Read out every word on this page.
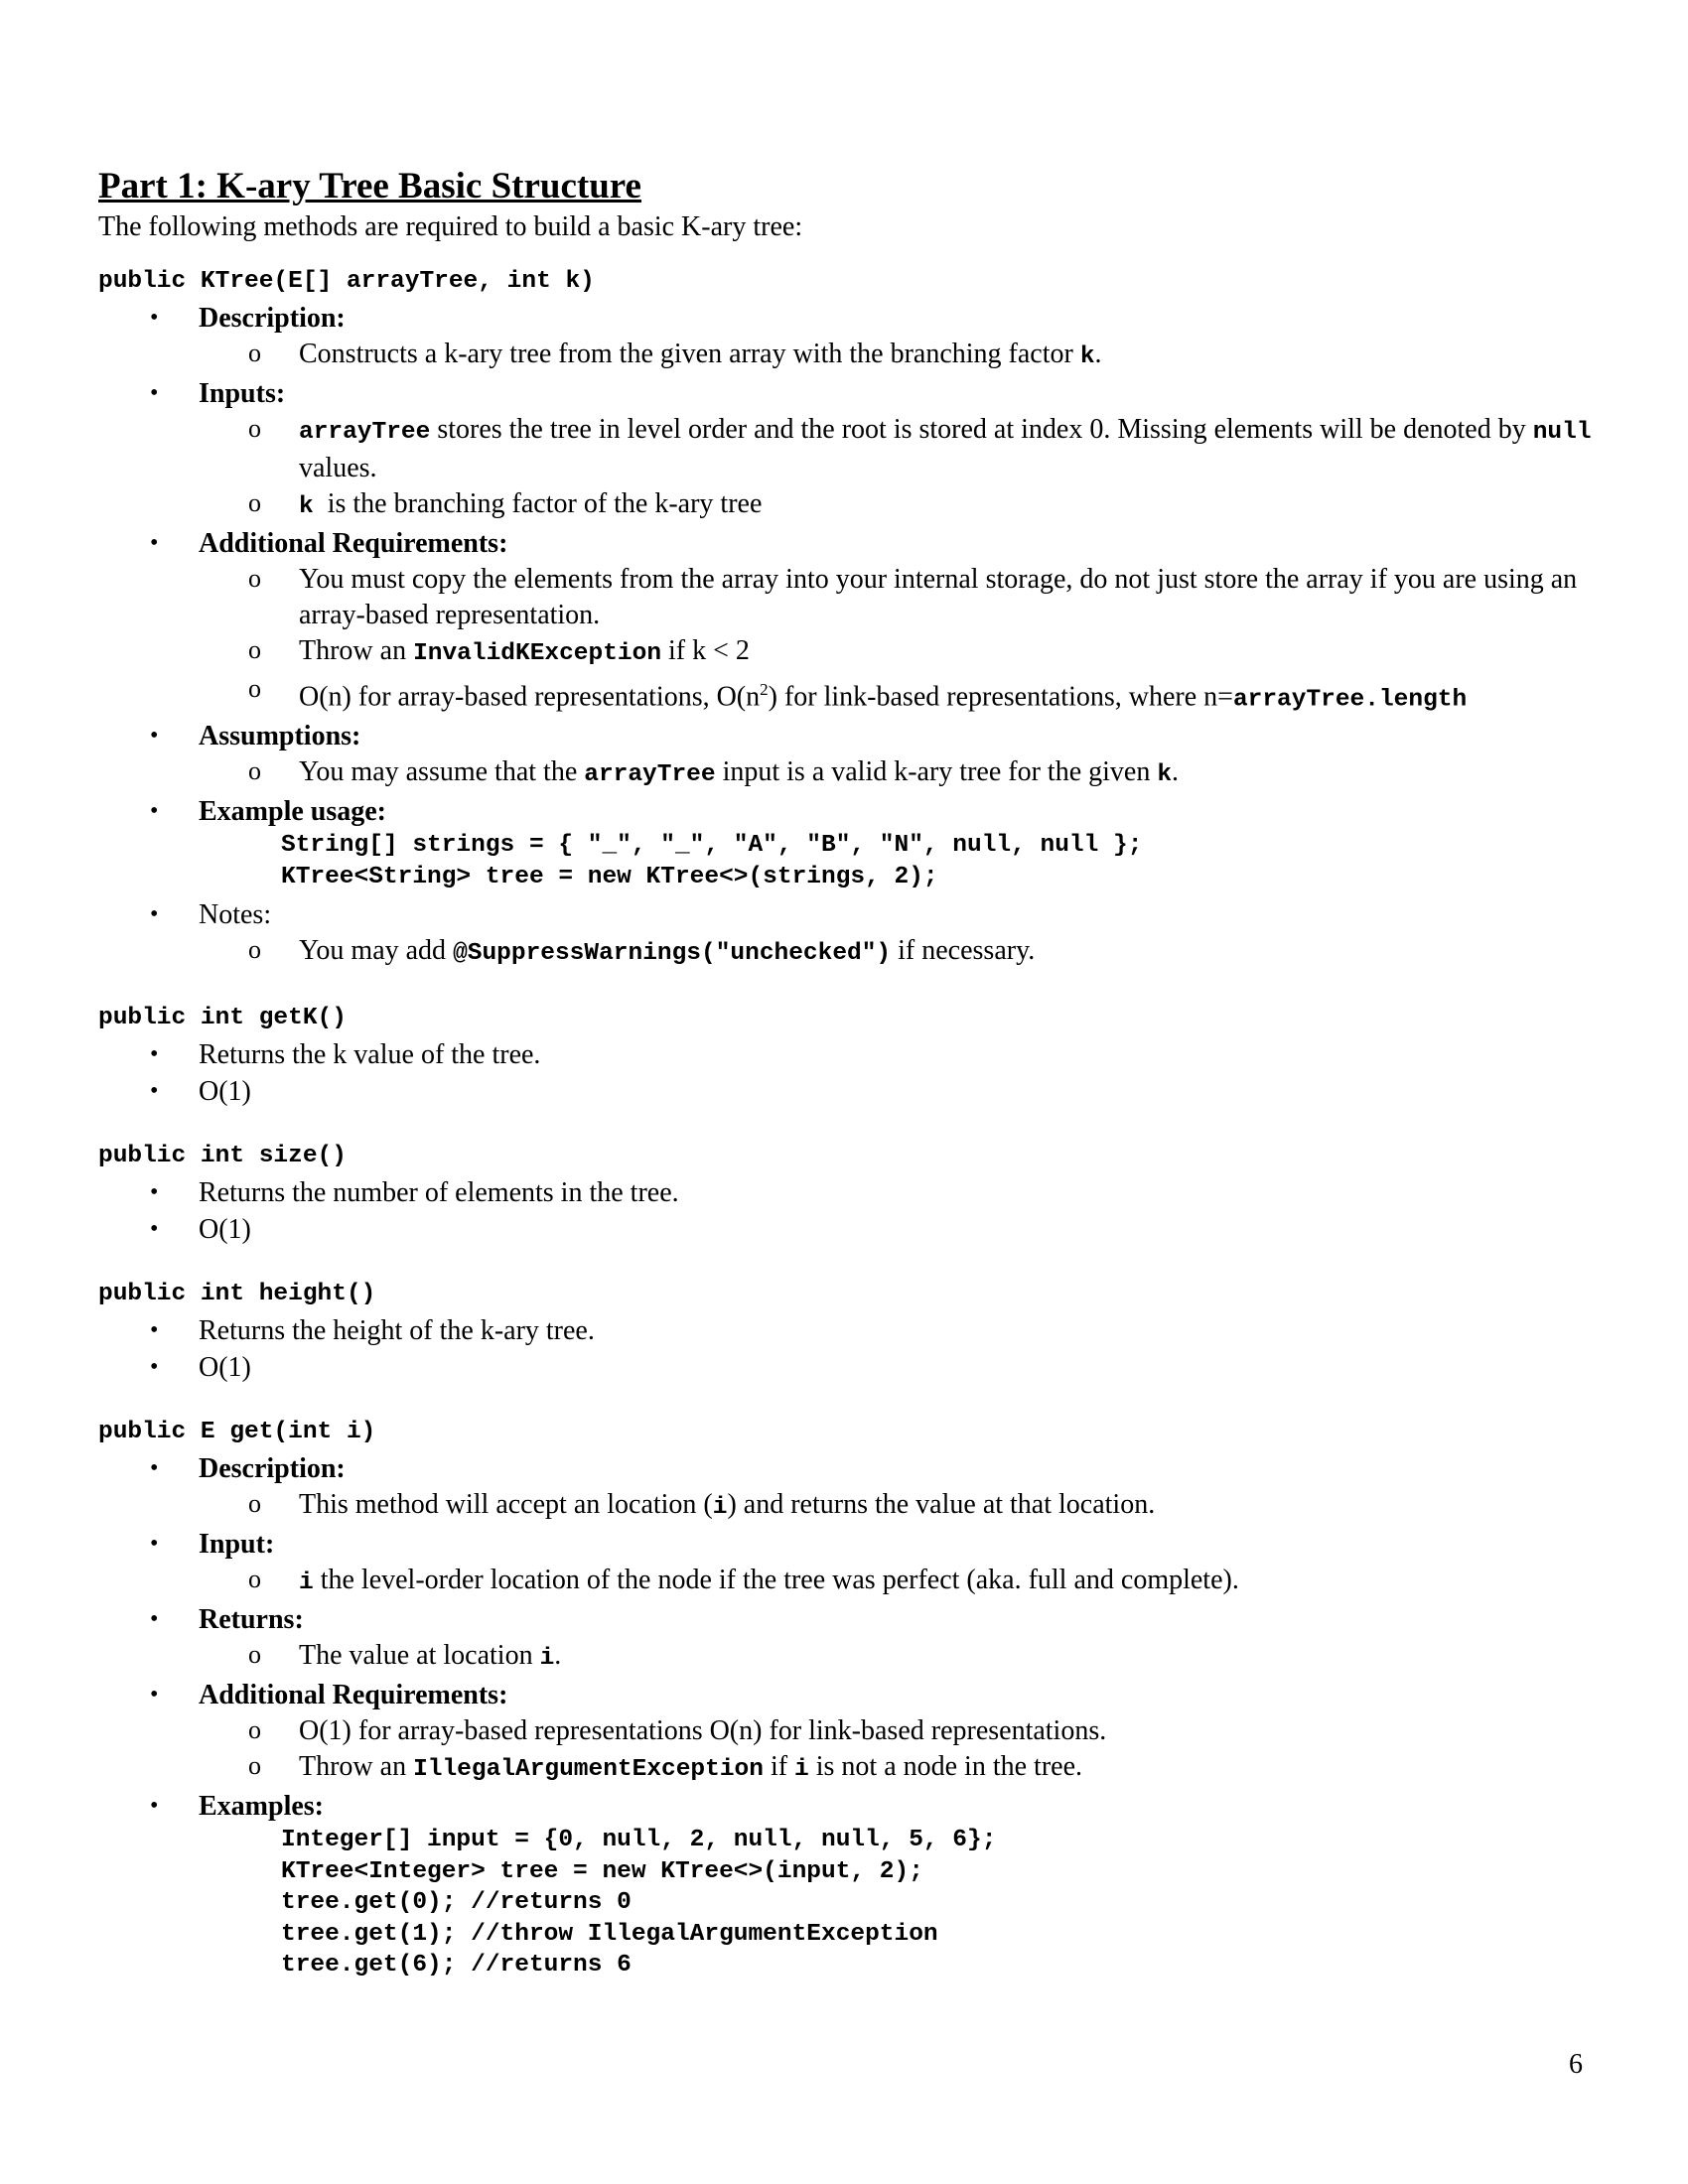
Part 1: K-ary Tree Basic Structure

The following methods are required to build a basic K-ary tree:

public KTree(E[] arrayTree, int k)
• Description:
o Constructs a k-ary tree from the given array with the branching factor k.
• Inputs:
o arrayTree stores the tree in level order and the root is stored at index 0. Missing elements will be denoted by null values.
o k  is the branching factor of the k-ary tree
• Additional Requirements:
o You must copy the elements from the array into your internal storage, do not just store the array if you are using an array-based representation.
o Throw an InvalidKException if k < 2
o O(n) for array-based representations, $O(n^2)$ for link-based representations, where n=arrayTree.length
• Assumptions:
o You may assume that the arrayTree input is a valid k-ary tree for the given k.
• Example usage:
String[] strings = { "_", "_", "A", "B", "N", null, null };
KTree<String> tree = new KTree<>(strings, 2);
• Notes:
o You may add @SuppressWarnings("unchecked") if necessary.
public int getK()
• Returns the k value of the tree.
• O(1)
public int size()
• Returns the number of elements in the tree.
• O(1)
public int height()
• Returns the height of the k-ary tree.
• O(1)
public E get(int i)
• Description:
o This method will accept an location (i) and returns the value at that location.
• Input:
o i the level-order location of the node if the tree was perfect (aka. full and complete).
• Returns:
o The value at location i.
• Additional Requirements:
o O(1) for array-based representations O(n) for link-based representations.
o Throw an IllegalArgumentException if i is not a node in the tree.
• Examples:
Integer[] input = {0, null, 2, null, null, 5, 6};
KTree<Integer> tree = new KTree<>(input, 2);
tree.get(0); //returns 0
tree.get(1); //throw IllegalArgumentException
tree.get(6); //returns 6
6
